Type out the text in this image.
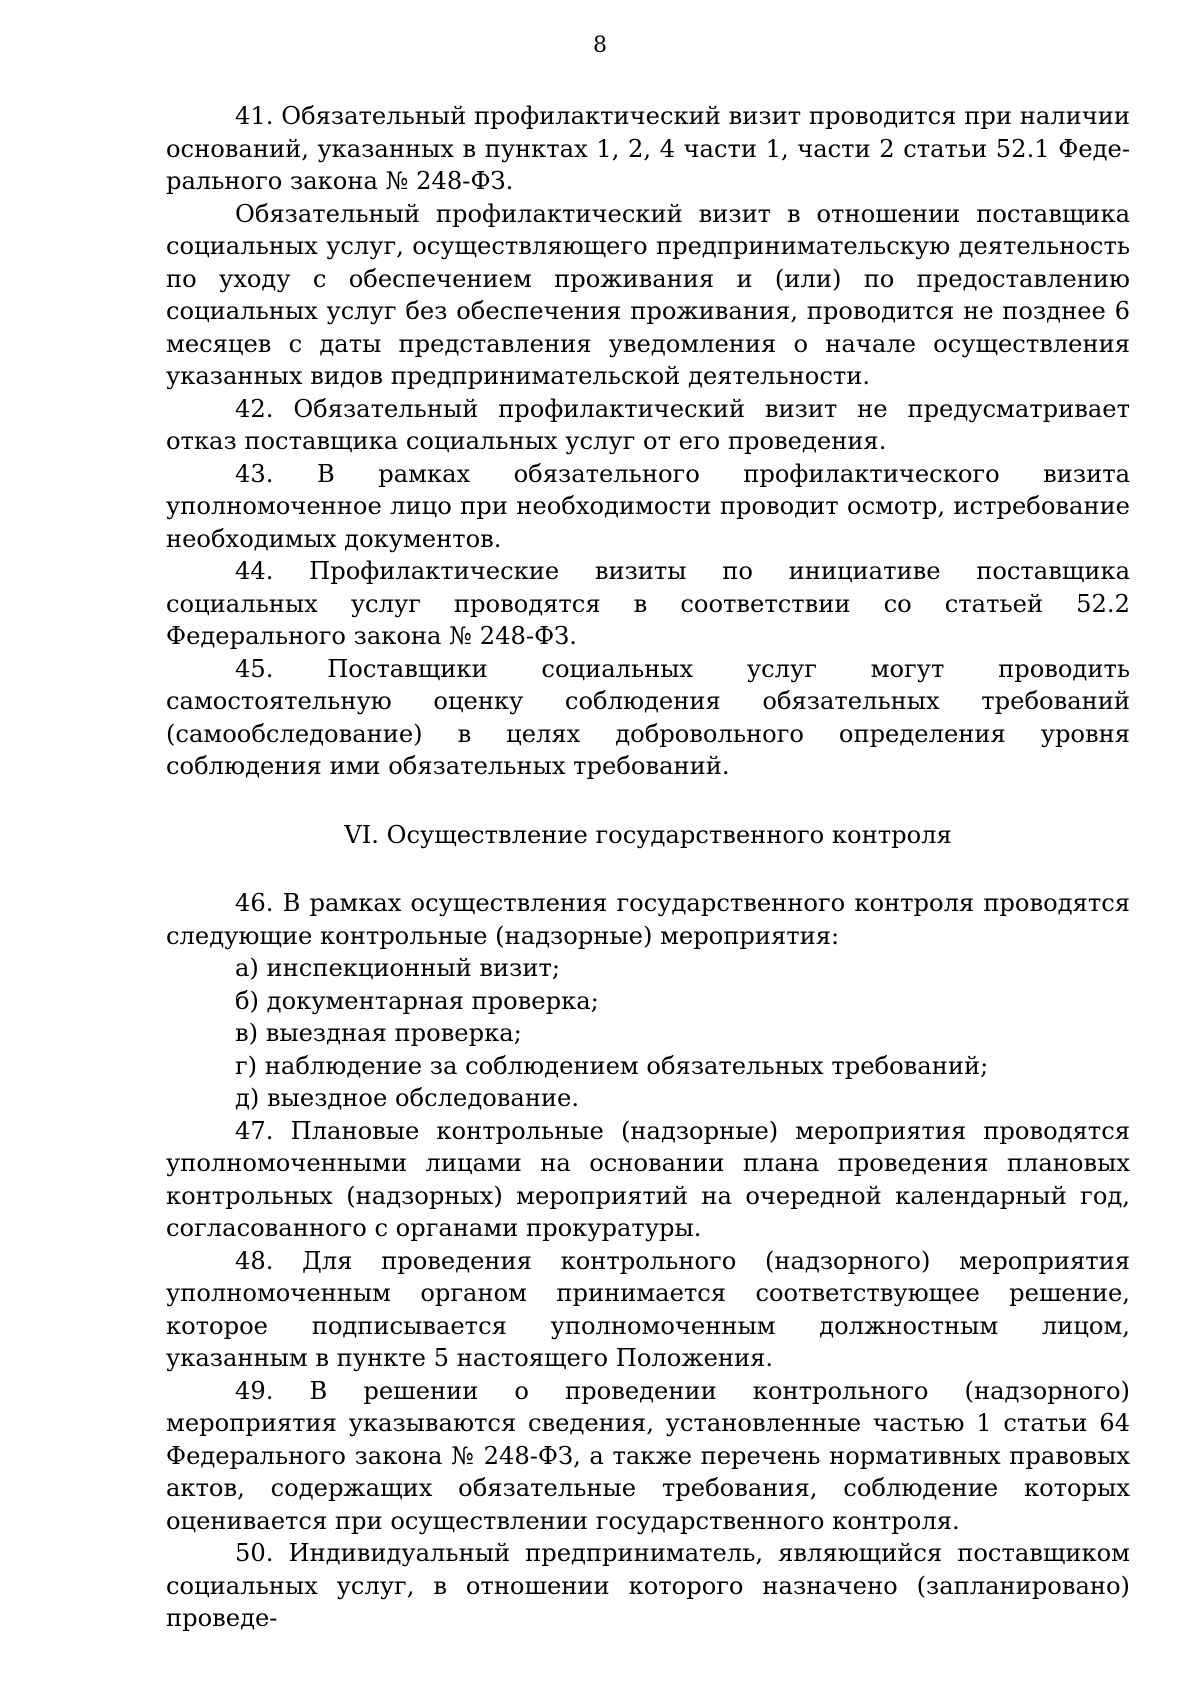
8

41. Обязательный профилактический визит проводится при наличии оснований, указанных в пунктах 1, 2, 4 части 1, части 2 статьи 52.1 Федерального закона № 248-ФЗ.

Обязательный профилактический визит в отношении поставщика социальных услуг, осуществляющего предпринимательскую деятельность по уходу с обеспечением проживания и (или) по предоставлению социальных услуг без обеспечения проживания, проводится не позднее 6 месяцев с даты представления уведомления о начале осуществления указанных видов предпринимательской деятельности.

42. Обязательный профилактический визит не предусматривает отказ поставщика социальных услуг от его проведения.

43. В рамках обязательного профилактического визита уполномоченное лицо при необходимости проводит осмотр, истребование необходимых документов.

44. Профилактические визиты по инициативе поставщика социальных услуг проводятся в соответствии со статьей 52.2 Федерального закона № 248-ФЗ.

45. Поставщики социальных услуг могут проводить самостоятельную оценку соблюдения обязательных требований (самообследование) в целях добровольного определения уровня соблюдения ими обязательных требований.

VI. Осуществление государственного контроля

46. В рамках осуществления государственного контроля проводятся следующие контрольные (надзорные) мероприятия:

а) инспекционный визит;

б) документарная проверка;

в) выездная проверка;

г) наблюдение за соблюдением обязательных требований;

д) выездное обследование.

47. Плановые контрольные (надзорные) мероприятия проводятся уполномоченными лицами на основании плана проведения плановых контрольных (надзорных) мероприятий на очередной календарный год, согласованного с органами прокуратуры.

48. Для проведения контрольного (надзорного) мероприятия уполномоченным органом принимается соответствующее решение, которое подписывается уполномоченным должностным лицом, указанным в пункте 5 настоящего Положения.

49. В решении о проведении контрольного (надзорного) мероприятия указываются сведения, установленные частью 1 статьи 64 Федерального закона № 248-ФЗ, а также перечень нормативных правовых актов, содержащих обязательные требования, соблюдение которых оценивается при осуществлении государственного контроля.

50. Индивидуальный предприниматель, являющийся поставщиком социальных услуг, в отношении которого назначено (запланировано) проведе-
